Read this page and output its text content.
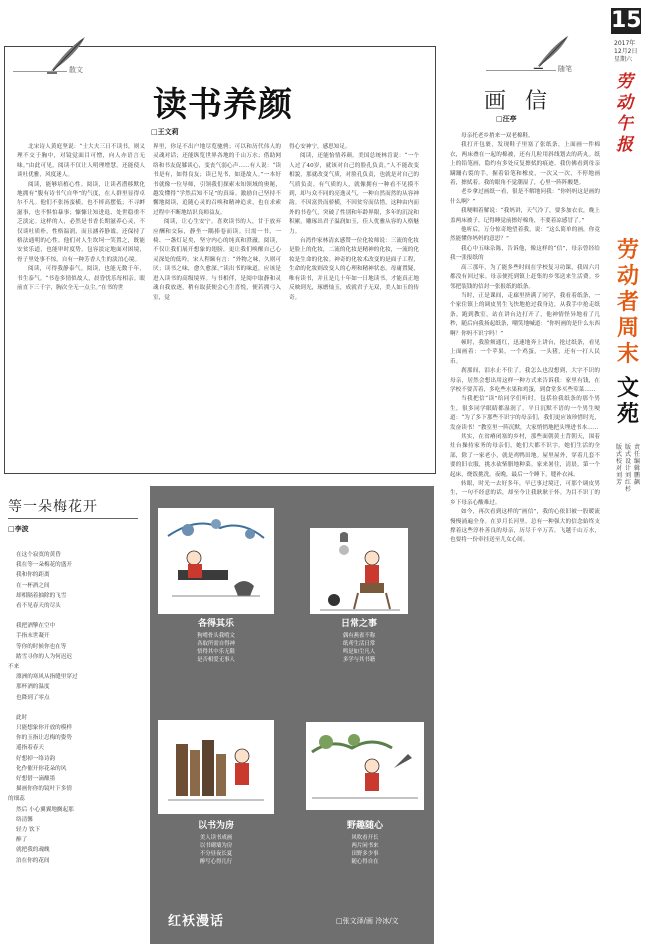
15
2017年
12月2日
星期六
劳动午报
劳动者周末
文苑
责任编辑 鹏 飙
版式设计 刘 红 杉
版式校对 刘 芳
散文
读书养颜
□王文莉

北宋诗人黄庭坚说：“士大夫三日不读书，则义理不交于胸中，对镜觉面目可憎，向人亦语言无味。”由此可见，阅读不仅让人明理增慧，还能使人谈吐优雅，风度迷人。

阅读，能够培植心性。阅读，让读者潜移默化地拥有“腹有诗书气自华”的气度，在人群里显得卓尔不凡。他们不张扬蛮横，也不摔高摆低；不寻衅滋事，也不惧怕暴事；慷慷让知进退、处世稳重不乏淡定。这样的人，必然是书香长期滋养心灵，不仅谈吐质朴，性格温润，而且涵养静谧，还保持了格法通明的心性。他们对人生坎坷一笑置之，既能安贫乐道，也能审时度势，包容淡定地面对困境，骨子里处事不惊，自有一种芳香人生的淡泊心境。

阅读，可得我静泰气。阅读，也能无数千年，书生泰气。“书卷多情似故人，晨昏忧乐每相亲。眼前直下三千字，胸次全无一点尘。”在书的世

界里，你足不出户地尽览驰骋；可以和历代伟人的灵魂对话；还能纵览世界各地的千山万水；借助网络和书友促膝谈心，变丧气弱心声……有人说：“读书是有，如得良友；读已见书，如逢故人。”一本好书就像一位导师，引领我们探索未知领域的奥秘，越发懂得“学然后知不足”的真谛。激励自己坚持不懈地阅读，追随心灵的召唤和精神追求，也在求索过程中不断地结识良师益友。

阅读，让心生安宁。喜欢读书的人，甘于放弃应酬和交际，静坐一隅捧卷而读。只需一书，一椅、一盏灯足矣，坚守内心的纯真和澄澈。阅读，不仅让我们展开想象的翅膀，更让我们唤醒自己心灵深处的低吟。宋人程颐有言：“外物之味，久则可厌；读书之味，愈久愈深。”读出书的味道，应该是进入读书的高级境界。与书相伴，是阅中取静和灵魂自我放逐，稍有取获便会心生喜悦，便若拥弓入室，觉

得心安神宁，感思知足。

阅读，还能怡情养颜。美国总统林肯说：“一个人过了40岁，就该对自己的脸孔负责。”人不能改变相貌，那就改变气质，对脸孔负责，也就是对自己的气质负责。有气质的人，就像拥有一种看不见摸不到，却与众不同的亮逸灵气，一种自然而然的从容神韵。不因富贵而骄横，不因贫穷而估惜，这种由内而外的书卷气，突破了性别和年龄界限，多年的沉淀和积累，雕琢出君子温润如玉，佳人优雅从容的人格魅力。

台湾作家林清玄感赞一位化妆师说：三流的化妆是脸上的化妆，二流的化妆是精神的化妆，一流的化妆是生命的化妆。神奇的化妆术改变的是面子工程，生命的化妆则改变人的心理和精神状态。母庸置疑，唯有读书，并且是几十年如一日地读书，才能真正地反映到光，琢磨灿玉，成就君子无双，美人如玉的传奇。

随笔
画 信
□汪亭

母亲托老乡捎来一双老棉鞋。

我打开包裹，发现鞋子里塞了张纸条，上面画一件棉衣，两床叠在一起的棉被，还有几粒用斜线划去的药丸。纸上的铅笔画，隐约有多处反复擦拭的痕迹。我仿佛看到母亲蹒跚右裂的手，握着铅笔和橡皮，一次又一次，不停地画着，擦拭着。我的眼角不觉潮湿了，心里一阵阵酸楚。

老乡拿过画纸一看，很是不解地问我：“你妈妈这是画的什么啊？”

我哽咽着解说：“我妈讲，天气冷了，要多加衣衣，晚上盖两床被子，记得睡觉前擦好棉角，不要着凉感冒了。”

他听后，万分惊奇地望着我，说：“这么简单的画，你竟然能懂你妈妈的意思？”

我心中五味杂陈，告诉他，像这样的“信”，母亲曾经给我一张报纸的

高三那年，为了能多些时间在学校复习功课，我周六月都没有回过家。母亲便托到镇上赶集的乡邻送来生活费。乡邻把装钱的信封一张报纸的纸条。

当时，正是课间，走廊里挤满了同学，我看着纸条，一个家住镇上的调皮男生飞快地抢过我身边，从我手中抢走纸条，跑到教室，站在讲台边打开了，他神情怪异地看了几秒，随后向我扬起纸条，嘲笑地喊道：“你妈画的是什么东西啊？你妈不识字吗！”

顿时，我脸颊通红，迅速地奔上讲台，抢过纸条，看见上面画着：一个苹果，一个鸡蛋，一头猪，还有一打人民币。

刹那间，泪水止不住了。我怎么也没想到，大字不识的母亲，居然会想出用这样一种方式来告诉我：家里有钱，在学校不要苦着，多吃些水果和鸡蛋，到食堂多买些荤菜……

当我把信“读”给同学们听时，包括捡我纸条的那个男生，很多同学眼睛都湿润了。平日沉默不语的一个男生哽道：“为了多下那些不识字的母亲们，我们更应该珍惜时光，发奋读书！”教室里一阵沉默，大家悄悄地把头埋进书本……

其实，在贫瘠闭塞的乡村，那些面朝黄土背朝天，围着灶台操持家务的母亲们，她们大都不识字。她们生活的全部，除了一家老小，就是鸡鸭田地。屋里屋外，穿着几套不要的旧衣服，挑水砍柴腊地种菜。家来暑往，清晨，第一个起床，烧饭挑洗。夜晚，最后一个睡下，缝补衣袜。

转眼，时光一去好多年，早已事过境迁，可那个调皮男生，一句不经意的话，却至今让我耿耿于怀。为目不识丁的乡下母亲心酸难过。

如今，再次看到这样的“画信”，我的心依旧被一股暖流慢慢涌遍全身。在岁月长河里，总有一种强大的信念始终支撑着这些淳朴善良的母亲，历尽千辛万苦，飞越千山万水，也要将一份牵挂送至儿女心间。

等一朵梅花开
□李波
在这个寂寞的黄昏
我在等一朵梅花的盛开
我和你的距离
在一杯酒之间
却相隔着抽除的飞雪
看不见春天的尽头
我把酒擎在空中
手指末世凝开
等你的时候你也在等
踏雪寻你的人为何迟迟
不来
漂洲的寒风从指缝里穿过
那杯酒的温度
也降到了零点
此时
只能想象你开放的模样
你的玉指让忍梅的姿势
遥指着春天
好想掉一络诗韵
化作催开你花朵的风
好想借一滴酿墨
描画你你的镜叶下多情
的细蕊
然后 小心翼翼地搁起那
络清馨
轻力 饮下
醉了
就把我的魂魄
泊在你的花间
各得其乐
狗啃骨头我啃文
各取所需自得神
悟得其中乐无限
是否相爱无事人
日常之事
偶有燕雀不称
纸鸢生活日常
鸣是如尘凡人
多学与其书籍
以书为房
美人读书成画
以书砌墙为房
不分昼夜长夏
醉写心得几行
野趣随心
风吹看开长
两片闲书来
田野多少事
随心得自在
红袄漫话	□张文泽/画 冷冰/文
